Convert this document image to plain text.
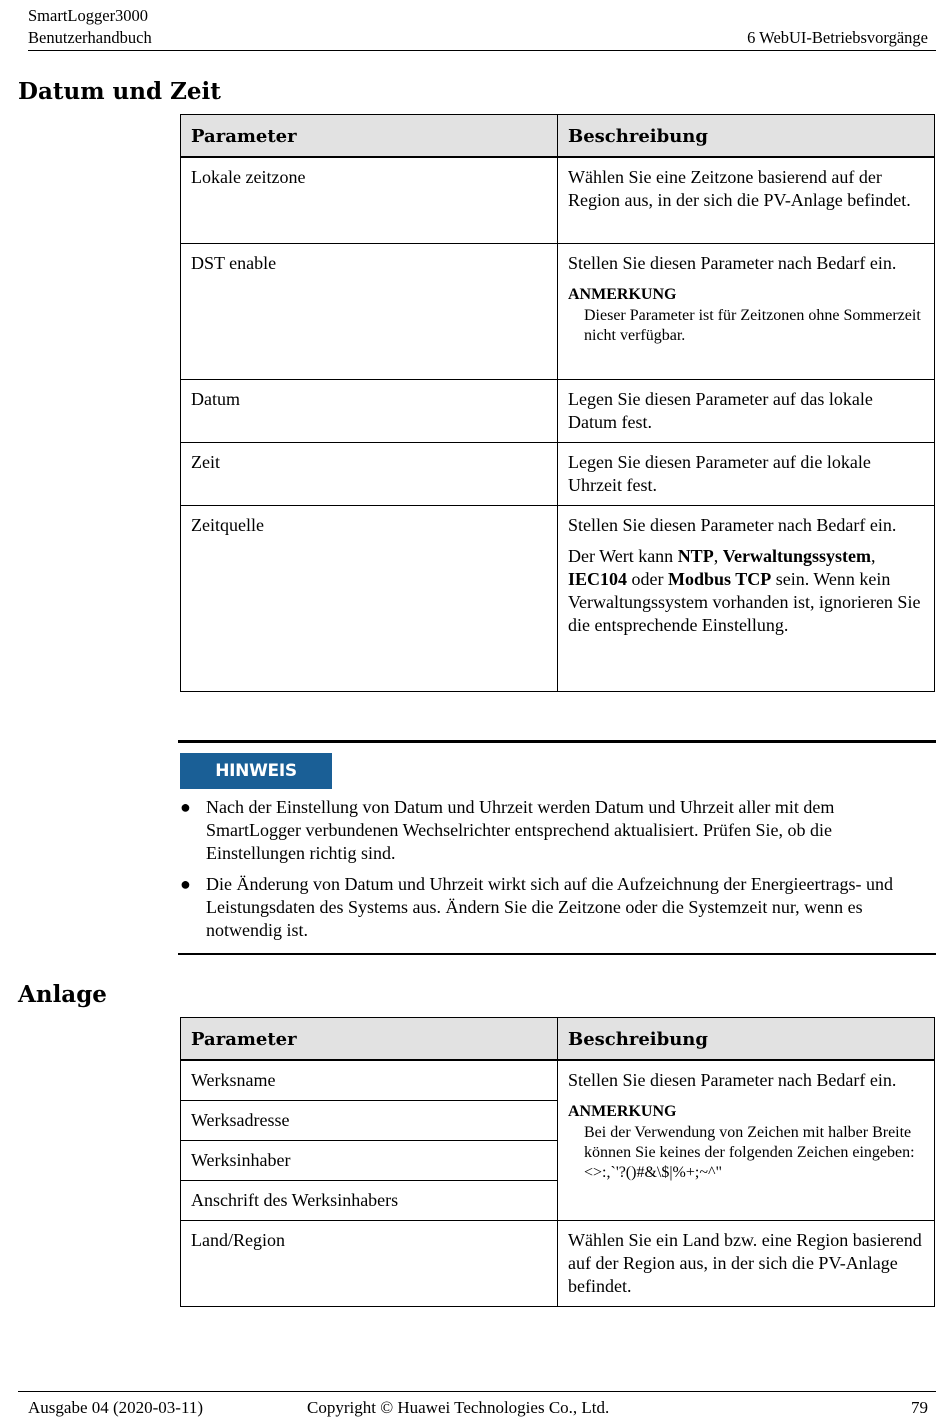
SmartLogger3000
Benutzerhandbuch	6 WebUI-Betriebsvorgänge
Datum und Zeit
Parameter	Beschreibung
Lokale zeitzone	Wählen Sie eine Zeitzone basierend auf der Region aus, in der sich die PV-Anlage befindet.
DST enable	Stellen Sie diesen Parameter nach Bedarf ein.
ANMERKUNG
Dieser Parameter ist für Zeitzonen ohne Sommerzeit nicht verfügbar.

Datum	Legen Sie diesen Parameter auf das lokale Datum fest.
Zeit	Legen Sie diesen Parameter auf die lokale Uhrzeit fest.
Zeitquelle	Stellen Sie diesen Parameter nach Bedarf ein.
Der Wert kann NTP, Verwaltungssystem, IEC104 oder Modbus TCP sein. Wenn kein Verwaltungssystem vorhanden ist, ignorieren Sie die entsprechende Einstellung.
HINWEIS
● Nach der Einstellung von Datum und Uhrzeit werden Datum und Uhrzeit aller mit dem SmartLogger verbundenen Wechselrichter entsprechend aktualisiert. Prüfen Sie, ob die Einstellungen richtig sind.
● Die Änderung von Datum und Uhrzeit wirkt sich auf die Aufzeichnung der Energieertrags- und Leistungsdaten des Systems aus. Ändern Sie die Zeitzone oder die Systemzeit nur, wenn es notwendig ist.
Anlage
Parameter	Beschreibung
Werksname	Stellen Sie diesen Parameter nach Bedarf ein.
ANMERKUNG
Bei der Verwendung von Zeichen mit halber Breite können Sie keines der folgenden Zeichen eingeben: <>:,`'?()#&\$|%+;~^"

Werksadresse	
Werksinhaber	
Anschrift des Werksinhabers	
Land/Region	Wählen Sie ein Land bzw. eine Region basierend auf der Region aus, in der sich die PV-Anlage befindet.
Ausgabe 04 (2020-03-11)	Copyright © Huawei Technologies Co., Ltd.	79
